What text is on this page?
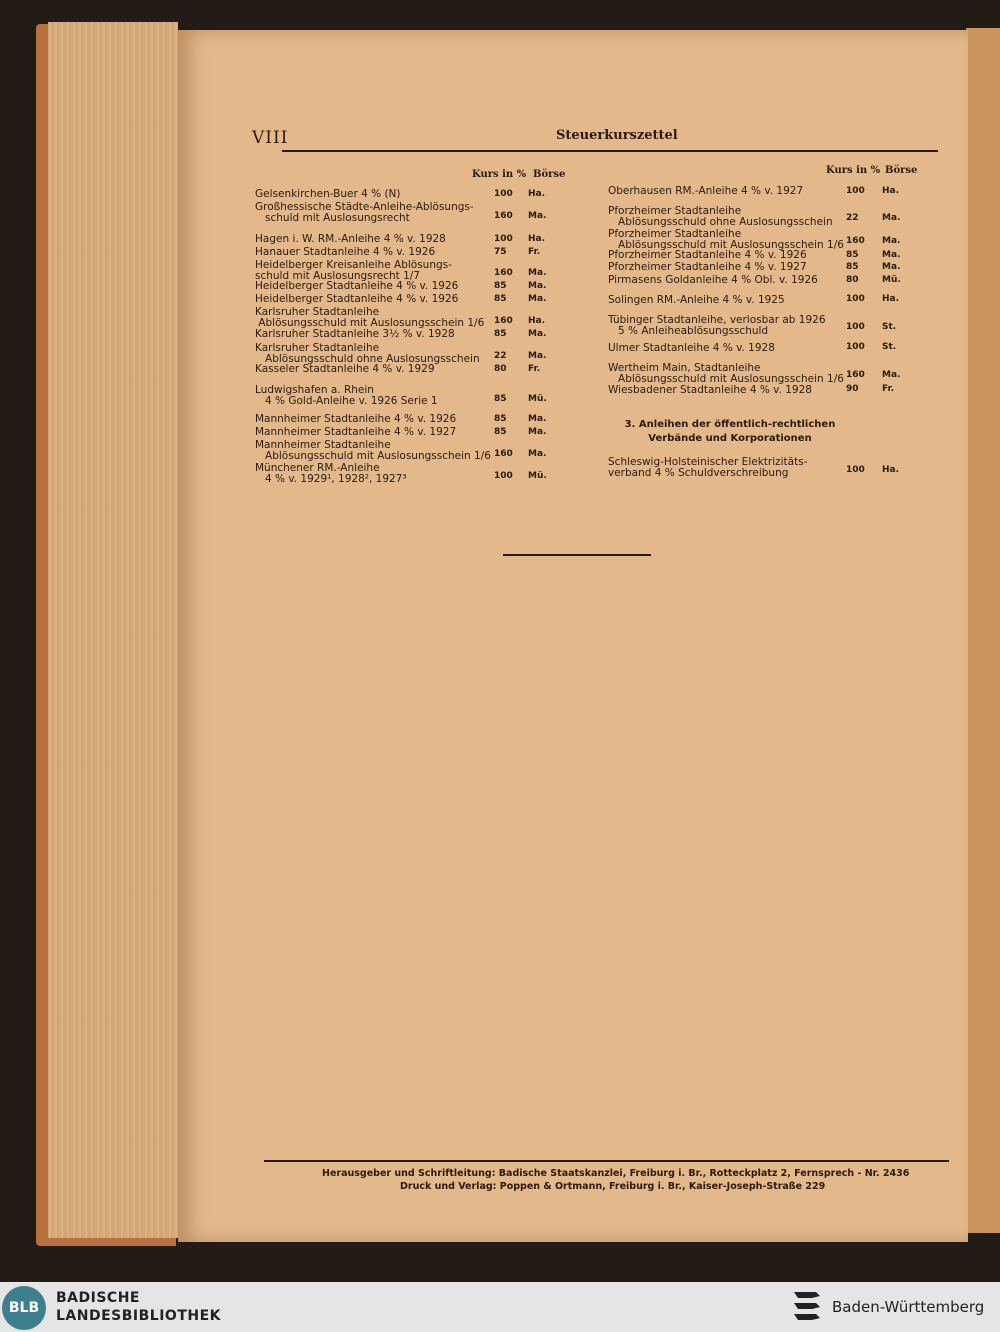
VIII	Steuerkurszettel
Kurs in % Börse	Kurs in % Börse
Gelsenkirchen-Buer 4 % (N)	100 Ha.
Großhessische Städte-Anleihe-Ablösungs-
schuld mit Auslosungsrecht	160 Ma.
Hagen i. W. RM.-Anleihe 4 % v. 1928	100 Ha.
Hanauer Stadtanleihe 4 % v. 1926	75 Fr.
Heidelberger Kreisanleihe Ablösungs-
schuld mit Auslosungsrecht 1/7	160 Ma.
Heidelberger Stadtanleihe 4 % v. 1926	85 Ma.
Heidelberger Stadtanleihe 4 % v. 1926	85 Ma.
Karlsruher Stadtanleihe
Ablösungsschuld mit Auslosungsschein 1/6 160 Ha.
Karlsruher Stadtanleihe 3½ % v. 1928	85 Ma.
Karlsruher Stadtanleihe
Ablösungsschuld ohne Auslosungsschein 22 Ma.
Kasseler Stadtanleihe 4 % v. 1929	80 Fr.
Ludwigshafen a. Rhein
4 % Gold-Anleihe v. 1926 Serie 1	85 Mü.
Mannheimer Stadtanleihe 4 % v. 1926	85 Ma.
Mannheimer Stadtanleihe 4 % v. 1927	85 Ma.
Mannheimer Stadtanleihe
Ablösungsschuld mit Auslosungsschein 1/6 160 Ma.
Münchener RM.-Anleihe
4 % v. 1929¹, 1928², 1927³	100 Mü.
Oberhausen RM.-Anleihe 4 % v. 1927	100 Ha.
Pforzheimer Stadtanleihe
Ablösungsschuld ohne Auslosungsschein 22	Ma.
Pforzheimer Stadtanleihe
Ablösungsschuld mit Auslosungsschein 1/6 160 Ma.
Pforzheimer Stadtanleihe 4 % v. 1926	85	Ma.
Pforzheimer Stadtanleihe 4 % v. 1927	85	Ma.
Pirmasens Goldanleihe 4 % Obl. v. 1926	80	Mü.
Solingen RM.-Anleihe 4 % v. 1925	100 Ha.
Tübinger Stadtanleihe, verlosbar ab 1926
5 % Anleiheablösungsschuld	100 St.
Ulmer Stadtanleihe 4 % v. 1928	100 St.
Wertheim Main, Stadtanleihe
Ablösungsschuld mit Auslosungsschein 1/6 160 Ma.
Wiesbadener Stadtanleihe 4 % v. 1928	90	Fr.
Schleswig-Holsteinischer Elektrizitäts-
verband 4 % Schuldverschreibung	100 Ha.
3. Anleihen der öffentlich-rechtlichen Verbände und Korporationen
Herausgeber und Schriftleitung: Badische Staatskanzlei, Freiburg i. Br., Rotteckplatz 2, Fernsprech - Nr. 2436
Druck und Verlag: Poppen & Ortmann, Freiburg i. Br., Kaiser-Joseph-Straße 229
BLB
BADISCHE
LANDESBIBLIOTHEK	Baden-Württemberg
